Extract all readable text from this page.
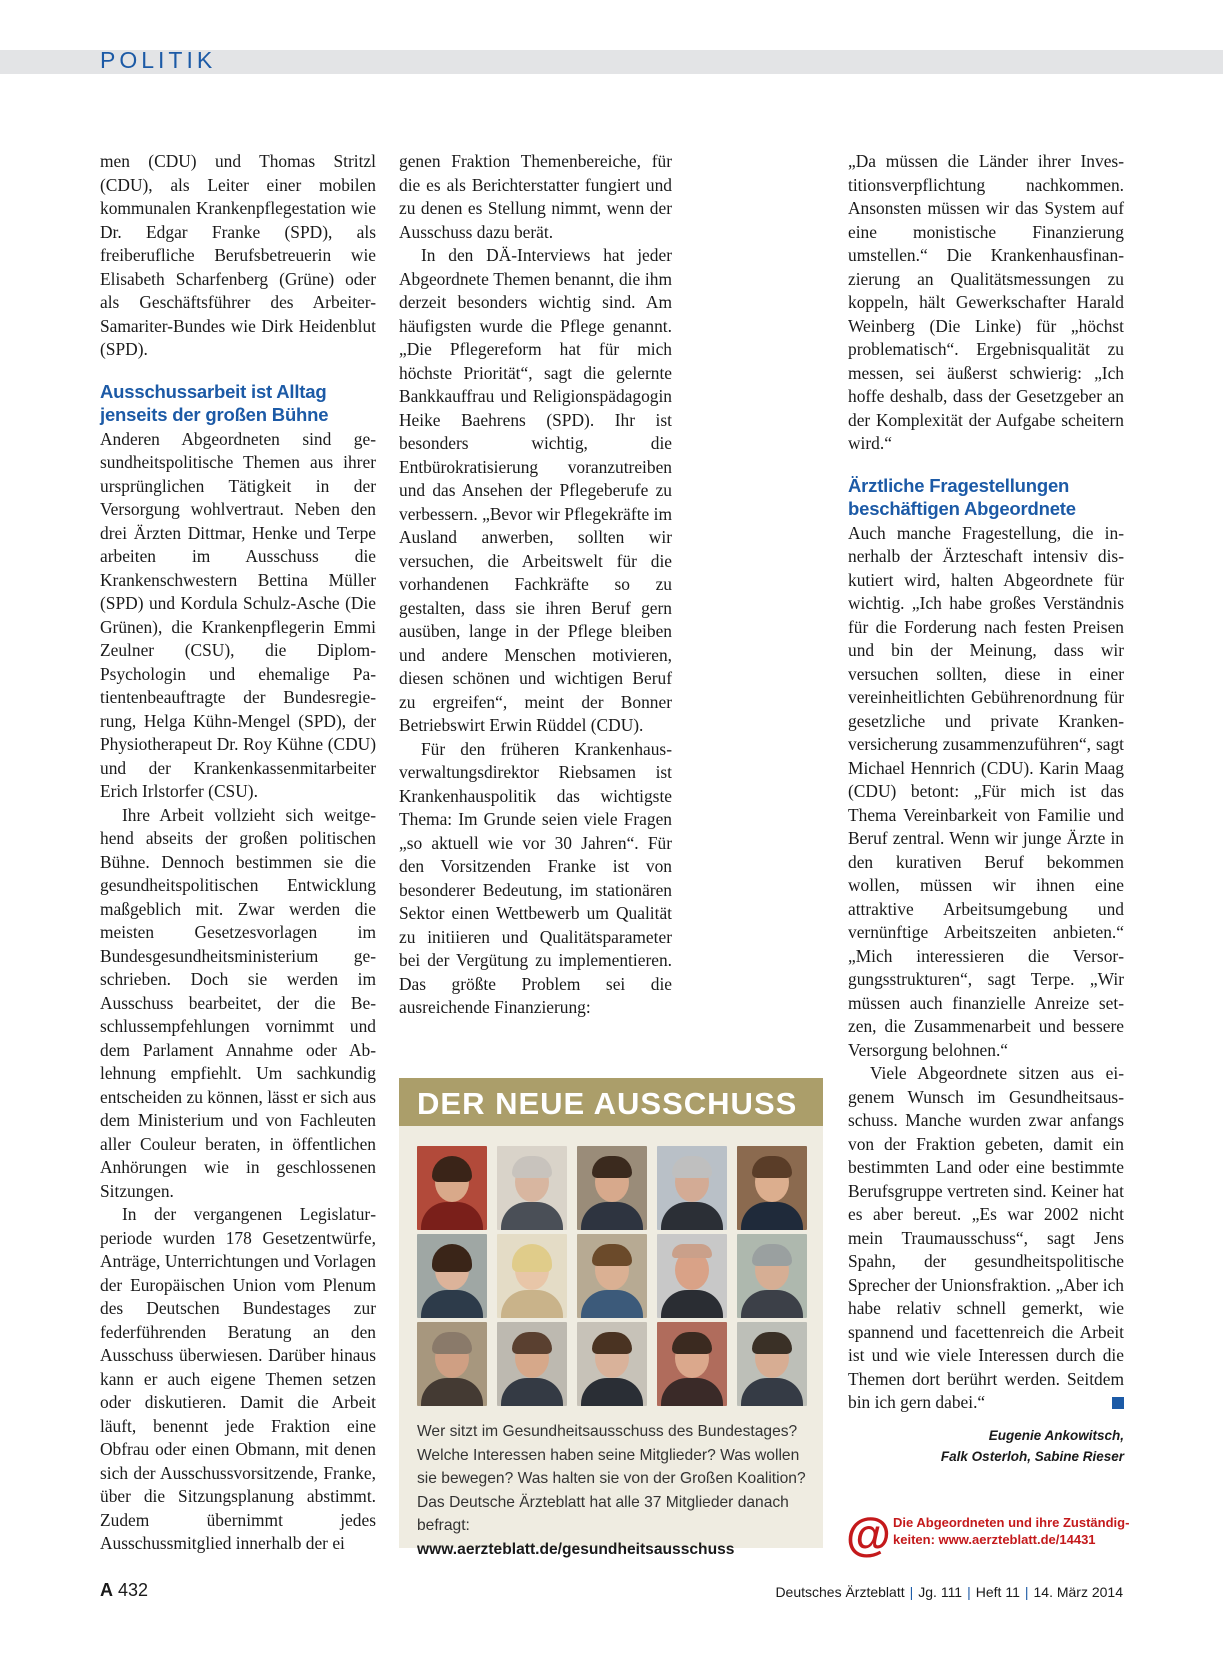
POLITIK

men (CDU) und Thomas Stritzl (CDU), als Leiter einer mobilen kommunalen Krankenpflegestation wie Dr. Edgar Franke (SPD), als freiberufliche Berufsbetreuerin wie Elisabeth Scharfenberg (Grüne) oder als Geschäftsführer des Arbeiter-Samariter-Bundes wie Dirk Heidenblut (SPD).

Ausschussarbeit ist Alltag jenseits der großen Bühne

Anderen Abgeordneten sind gesundheitspolitische Themen aus ihrer ursprünglichen Tätigkeit in der Versorgung wohlvertraut. Neben den drei Ärzten Dittmar, Henke und Terpe arbeiten im Ausschuss die Krankenschwestern Bettina Müller (SPD) und Kordula Schulz-Asche (Die Grünen), die Krankenpflegerin Emmi Zeulner (CSU), die Diplom-Psychologin und ehemalige Patientenbeauftragte der Bundesregierung, Helga Kühn-Mengel (SPD), der Physiotherapeut Dr. Roy Kühne (CDU) und der Krankenkassenmitarbeiter Erich Irlstorfer (CSU).

Ihre Arbeit vollzieht sich weitgehend abseits der großen politischen Bühne. Dennoch bestimmen sie die gesundheitspolitischen Entwicklung maßgeblich mit. Zwar werden die meisten Gesetzesvorlagen im Bundesgesundheitsministerium geschrieben. Doch sie werden im Ausschuss bearbeitet, der die Beschlussempfehlungen vornimmt und dem Parlament Annahme oder Ablehnung empfiehlt. Um sachkundig entscheiden zu können, lässt er sich aus dem Ministerium und von Fachleuten aller Couleur beraten, in öffentlichen Anhörungen wie in geschlossenen Sitzungen.

In der vergangenen Legislaturperiode wurden 178 Gesetzentwürfe, Anträge, Unterrichtungen und Vorlagen der Europäischen Union vom Plenum des Deutschen Bundestages zur federführenden Beratung an den Ausschuss überwiesen. Darüber hinaus kann er auch eigene Themen setzen oder diskutieren. Damit die Arbeit läuft, benennt jede Fraktion eine Obfrau oder einen Obmann, mit denen sich der Ausschussvorsitzende, Franke, über die Sitzungsplanung abstimmt. Zudem übernimmt jedes Ausschussmitglied innerhalb der ei

genen Fraktion Themenbereiche, für die es als Berichterstatter fungiert und zu denen es Stellung nimmt, wenn der Ausschuss dazu berät.

In den DÄ-Interviews hat jeder Abgeordnete Themen benannt, die ihm derzeit besonders wichtig sind. Am häufigsten wurde die Pflege genannt. „Die Pflegereform hat für mich höchste Priorität“, sagt die gelernte Bankkauffrau und Religionspädagogin Heike Baehrens (SPD). Ihr ist besonders wichtig, die Entbürokratisierung voranzutreiben und das Ansehen der Pflegeberufe zu verbessern. „Bevor wir Pflegekräfte im Ausland anwerben, sollten wir versuchen, die Arbeitswelt für die vorhandenen Fachkräfte so zu gestalten, dass sie ihren Beruf gern ausüben, lange in der Pflege bleiben und andere Menschen motivieren, diesen schönen und wichtigen Beruf zu ergreifen“, meint der Bonner Betriebswirt Erwin Rüddel (CDU).

Für den früheren Krankenhausverwaltungsdirektor Riebsamen ist Krankenhauspolitik das wichtigste Thema: Im Grunde seien viele Fragen „so aktuell wie vor 30 Jahren“. Für den Vorsitzenden Franke ist von besonderer Bedeutung, im stationären Sektor einen Wettbewerb um Qualität zu initiieren und Qualitätsparameter bei der Vergütung zu implementieren. Das größte Problem sei die ausreichende Finanzierung:

„Da müssen die Länder ihrer Investitionsverpflichtung nachkommen. Ansonsten müssen wir das System auf eine monistische Finanzierung umstellen.“ Die Krankenhausfinanzierung an Qualitätsmessungen zu koppeln, hält Gewerkschafter Harald Weinberg (Die Linke) für „höchst problematisch“. Ergebnisqualität zu messen, sei äußerst schwierig: „Ich hoffe deshalb, dass der Gesetzgeber an der Komplexität der Aufgabe scheitern wird.“

Ärztliche Fragestellungen beschäftigen Abgeordnete

Auch manche Fragestellung, die innerhalb der Ärzteschaft intensiv diskutiert wird, halten Abgeordnete für wichtig. „Ich habe großes Verständnis für die Forderung nach festen Preisen und bin der Meinung, dass wir versuchen sollten, diese in einer vereinheitlichten Gebührenordnung für gesetzliche und private Krankenversicherung zusammenzuführen“, sagt Michael Hennrich (CDU). Karin Maag (CDU) betont: „Für mich ist das Thema Vereinbarkeit von Familie und Beruf zentral. Wenn wir junge Ärzte in den kurativen Beruf bekommen wollen, müssen wir ihnen eine attraktive Arbeitsumgebung und vernünftige Arbeitszeiten anbieten.“ „Mich interessieren die Versorgungsstrukturen“, sagt Terpe. „Wir müssen auch finanzielle Anreize setzen, die Zusammenarbeit und bessere Versorgung belohnen.“

Viele Abgeordnete sitzen aus eigenem Wunsch im Gesundheitsausschuss. Manche wurden zwar anfangs von der Fraktion gebeten, damit ein bestimmten Land oder eine bestimmte Berufsgruppe vertreten sind. Keiner hat es aber bereut. „Es war 2002 nicht mein Traumausschuss“, sagt Jens Spahn, der gesundheitspolitische Sprecher der Unionsfraktion. „Aber ich habe relativ schnell gemerkt, wie spannend und facettenreich die Arbeit ist und wie viele Interessen durch die Themen dort berührt werden. Seitdem bin ich gern dabei.“

Eugenie Ankowitsch,
Falk Osterloh, Sabine Rieser
DER NEUE AUSSCHUSS
Wer sitzt im Gesundheitsausschuss des Bundestages? Welche Interessen haben seine Mitglieder? Was wollen sie bewegen? Was halten sie von der Großen Koalition? Das Deutsche Ärzteblatt hat alle 37 Mitglieder danach befragt:
www.aerzteblatt.de/gesundheitsausschuss	@ Die Abgeordneten und ihre Zuständigkeiten: www.aerzteblatt.de/14431
A 432	Deutsches Ärzteblatt | Jg. 111 | Heft 11 | 14. März 2014
